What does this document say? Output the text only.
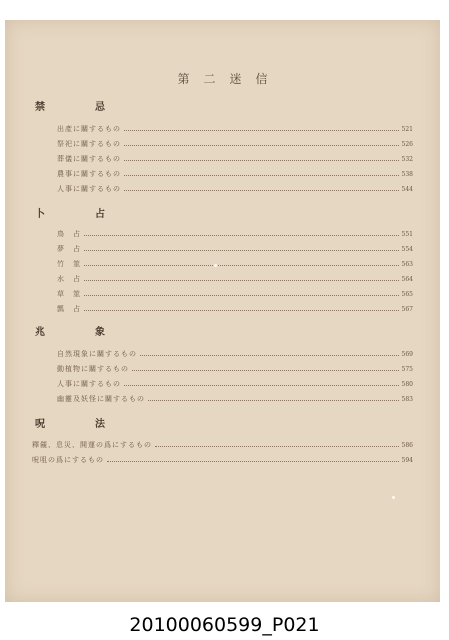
第二迷信
禁	忌
出產に關するもの	521
祭祀に關するもの	526
葬儀に關するもの	532
農事に關するもの	538
人事に關するもの	544
卜	占
鳥　占	551
夢　占	554
竹　筮	563
水　占	564
草　筮	565
瓢　占	567
兆	象
自然現象に關するもの	569
動植物に關するもの	575
人事に關するもの	580
幽靈及妖怪に關するもの	583
呪	法
釋覦、息災、開運の爲にするもの	586
呪咀の爲にするもの	594
20100060599_P021
